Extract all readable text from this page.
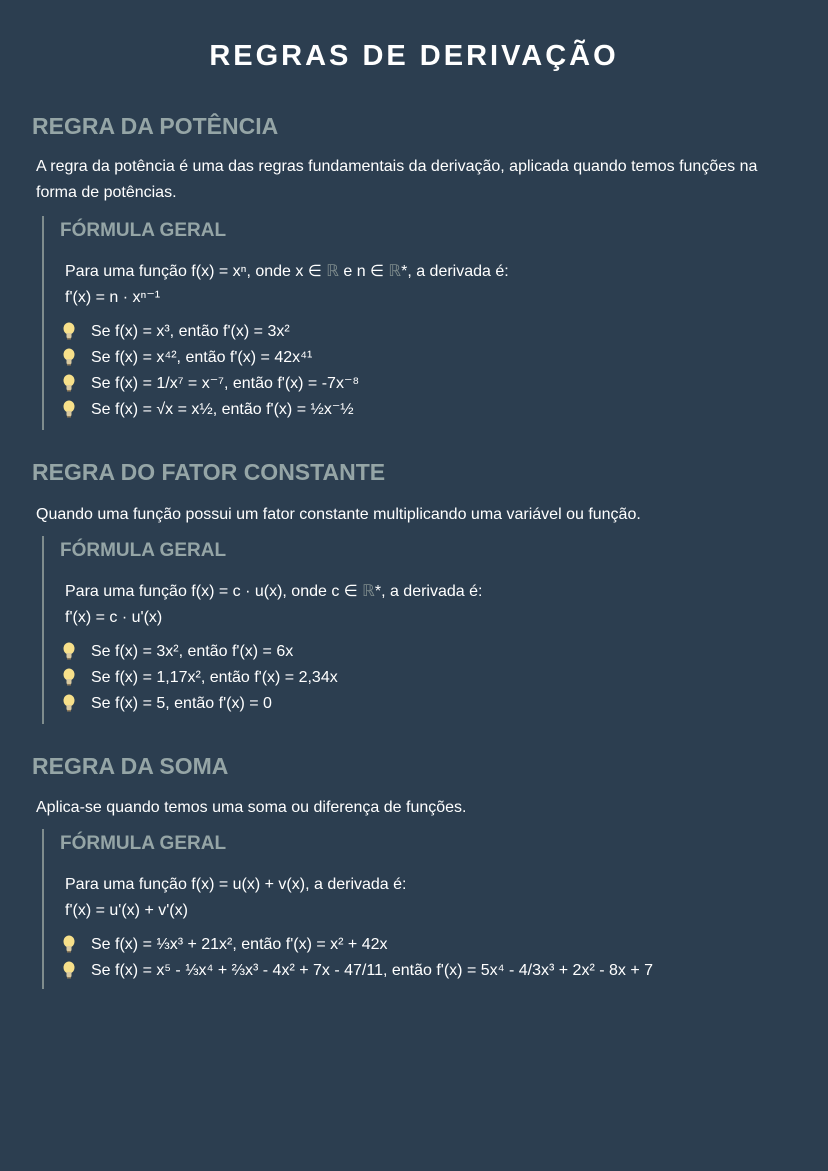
REGRAS DE DERIVAÇÃO
REGRA DA POTÊNCIA
A regra da potência é uma das regras fundamentais da derivação, aplicada quando temos funções na
forma de potências.
FÓRMULA GERAL
Para uma função f(x) = xⁿ, onde x ∈ ℝ e n ∈ ℝ*, a derivada é:
f'(x) = n · xⁿ⁻¹
Se f(x) = x³, então f'(x) = 3x²
Se f(x) = x⁴², então f'(x) = 42x⁴¹
Se f(x) = 1/x⁷ = x⁻⁷, então f'(x) = -7x⁻⁸
Se f(x) = √x = x½, então f'(x) = ½x⁻½
REGRA DO FATOR CONSTANTE
Quando uma função possui um fator constante multiplicando uma variável ou função.
FÓRMULA GERAL
Para uma função f(x) = c · u(x), onde c ∈ ℝ*, a derivada é:
f'(x) = c · u'(x)
Se f(x) = 3x², então f'(x) = 6x
Se f(x) = 1,17x², então f'(x) = 2,34x
Se f(x) = 5, então f'(x) = 0
REGRA DA SOMA
Aplica-se quando temos uma soma ou diferença de funções.
FÓRMULA GERAL
Para uma função f(x) = u(x) + v(x), a derivada é:
f'(x) = u'(x) + v'(x)
Se f(x) = ⅓x³ + 21x², então f'(x) = x² + 42x
Se f(x) = x⁵ - ⅓x⁴ + ⅔x³ - 4x² + 7x - 47/11, então f'(x) = 5x⁴ - 4/3x³ + 2x² - 8x + 7
